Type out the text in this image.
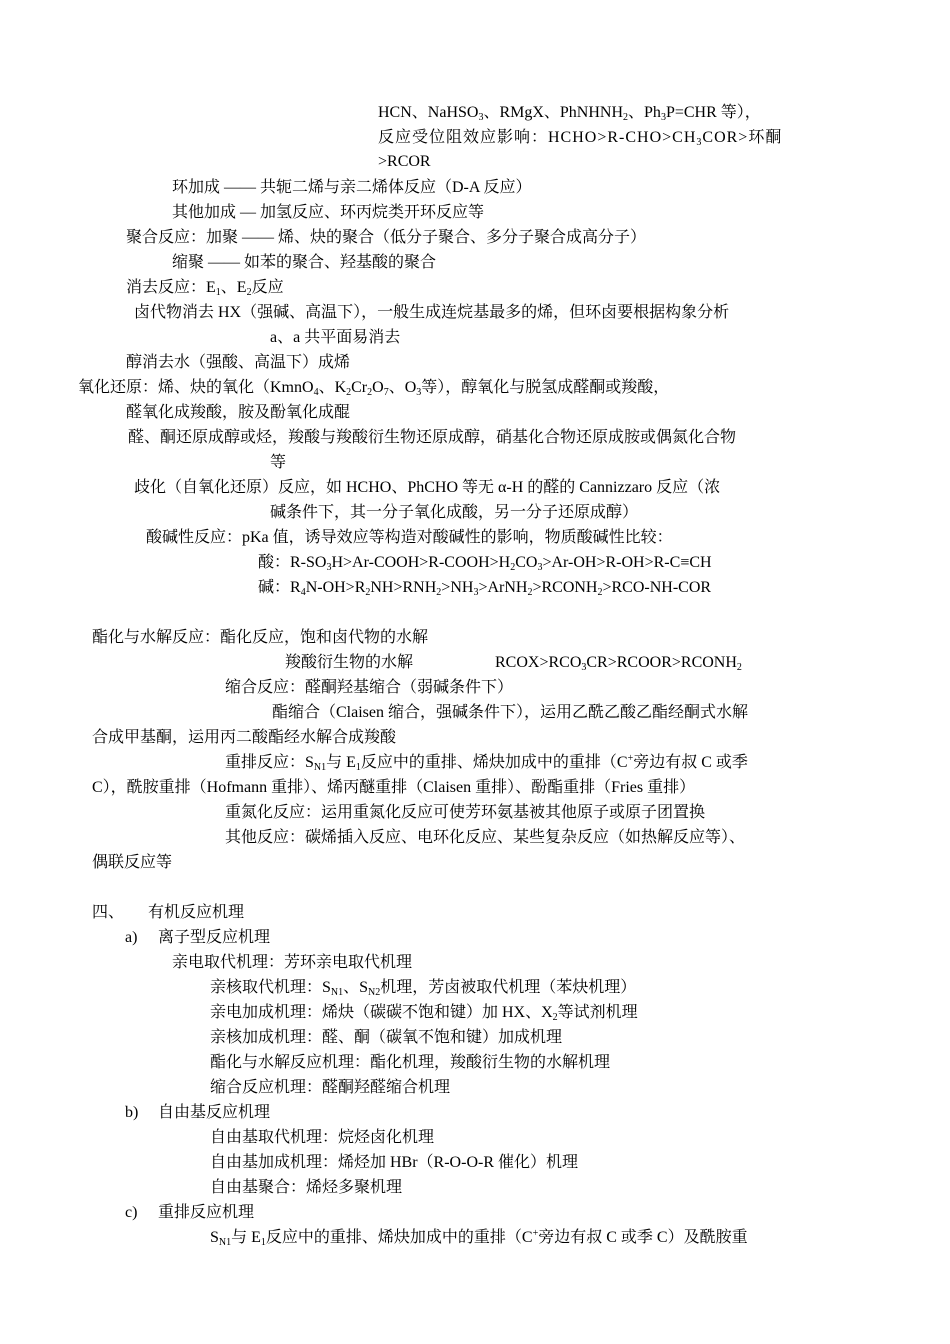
HCN、NaHSO$_3$、RMgX、PhNHNH$_2$、$Ph_3P=CHR$ 等），
反应受位阻效应影响：$HCHO>R-CHO>CH_3COR>$环酮
>RCOR
环加成 —— 共轭二烯与亲二烯体反应（D-A 反应）
其他加成 — 加氢反应、环丙烷类开环反应等
聚合反应：加聚 —— 烯、炔的聚合（低分子聚合、多分子聚合成高分子）
缩聚 —— 如苯的聚合、羟基酸的聚合
消去反应：$E_1$、$E_2$反应
卤代物消去 HX（强碱、高温下），一般生成连烷基最多的烯，但环卤要根据构象分析
a、a 共平面易消去
醇消去水（强酸、高温下）成烯
氧化还原：烯、炔的氧化（KmnO$_4$、$K_2Cr_2O_7$、$O_3$等），醇氧化与脱氢成醛酮或羧酸，
醛氧化成羧酸，胺及酚氧化成醌
醛、酮还原成醇或烃，羧酸与羧酸衍生物还原成醇，硝基化合物还原成胺或偶氮化合物
等
歧化（自氧化还原）反应，如 HCHO、PhCHO 等无 α-H 的醛的 Cannizzaro 反应（浓
碱条件下，其一分子氧化成酸，另一分子还原成醇）
酸碱性反应：pKa 值，诱导效应等构造对酸碱性的影响，物质酸碱性比较：
酸：$R-SO_3H>Ar-COOH>R-COOH>H_2CO_3>Ar-OH>R-OH>R-C\equiv CH$
碱：$R_4N-OH>R_2NH>RNH_2>NH_3>ArNH_2>RCONH_2>RCO-NH$-COR
酯化与水解反应：酯化反应，饱和卤代物的水解
羧酸衍生物的水解	$RCOX>RCO_3CR>RCOOR>RCONH_2$
缩合反应：醛酮羟基缩合（弱碱条件下）
酯缩合（Claisen 缩合，强碱条件下），运用乙酰乙酸乙酯经酮式水解
合成甲基酮，运用丙二酸酯经水解合成羧酸
重排反应：$S_{N1}$与 $E_1$反应中的重排、烯炔加成中的重排（C+旁边有叔 C 或季
C），酰胺重排（Hofmann 重排）、烯丙醚重排（Claisen 重排）、酚酯重排（Fries 重排）
重氮化反应：运用重氮化反应可使芳环氨基被其他原子或原子团置换
其他反应：碳烯插入反应、电环化反应、某些复杂反应（如热解反应等）、
偶联反应等
四、 有机反应机理
a) 离子型反应机理
亲电取代机理：芳环亲电取代机理
亲核取代机理：$S_{N1}$、$S_{N2}$机理，芳卤被取代机理（苯炔机理）
亲电加成机理：烯炔（碳碳不饱和键）加 HX、$X_2$等试剂机理
亲核加成机理：醛、酮（碳氧不饱和键）加成机理
酯化与水解反应机理：酯化机理，羧酸衍生物的水解机理
缩合反应机理：醛酮羟醛缩合机理
b) 自由基反应机理
自由基取代机理：烷烃卤化机理
自由基加成机理：烯烃加 HBr（R-O-O-R 催化）机理
自由基聚合：烯烃多聚机理
c) 重排反应机理
$S_{N1}$与 $E_1$反应中的重排、烯炔加成中的重排（C+旁边有叔 C 或季 C）及酰胺重
